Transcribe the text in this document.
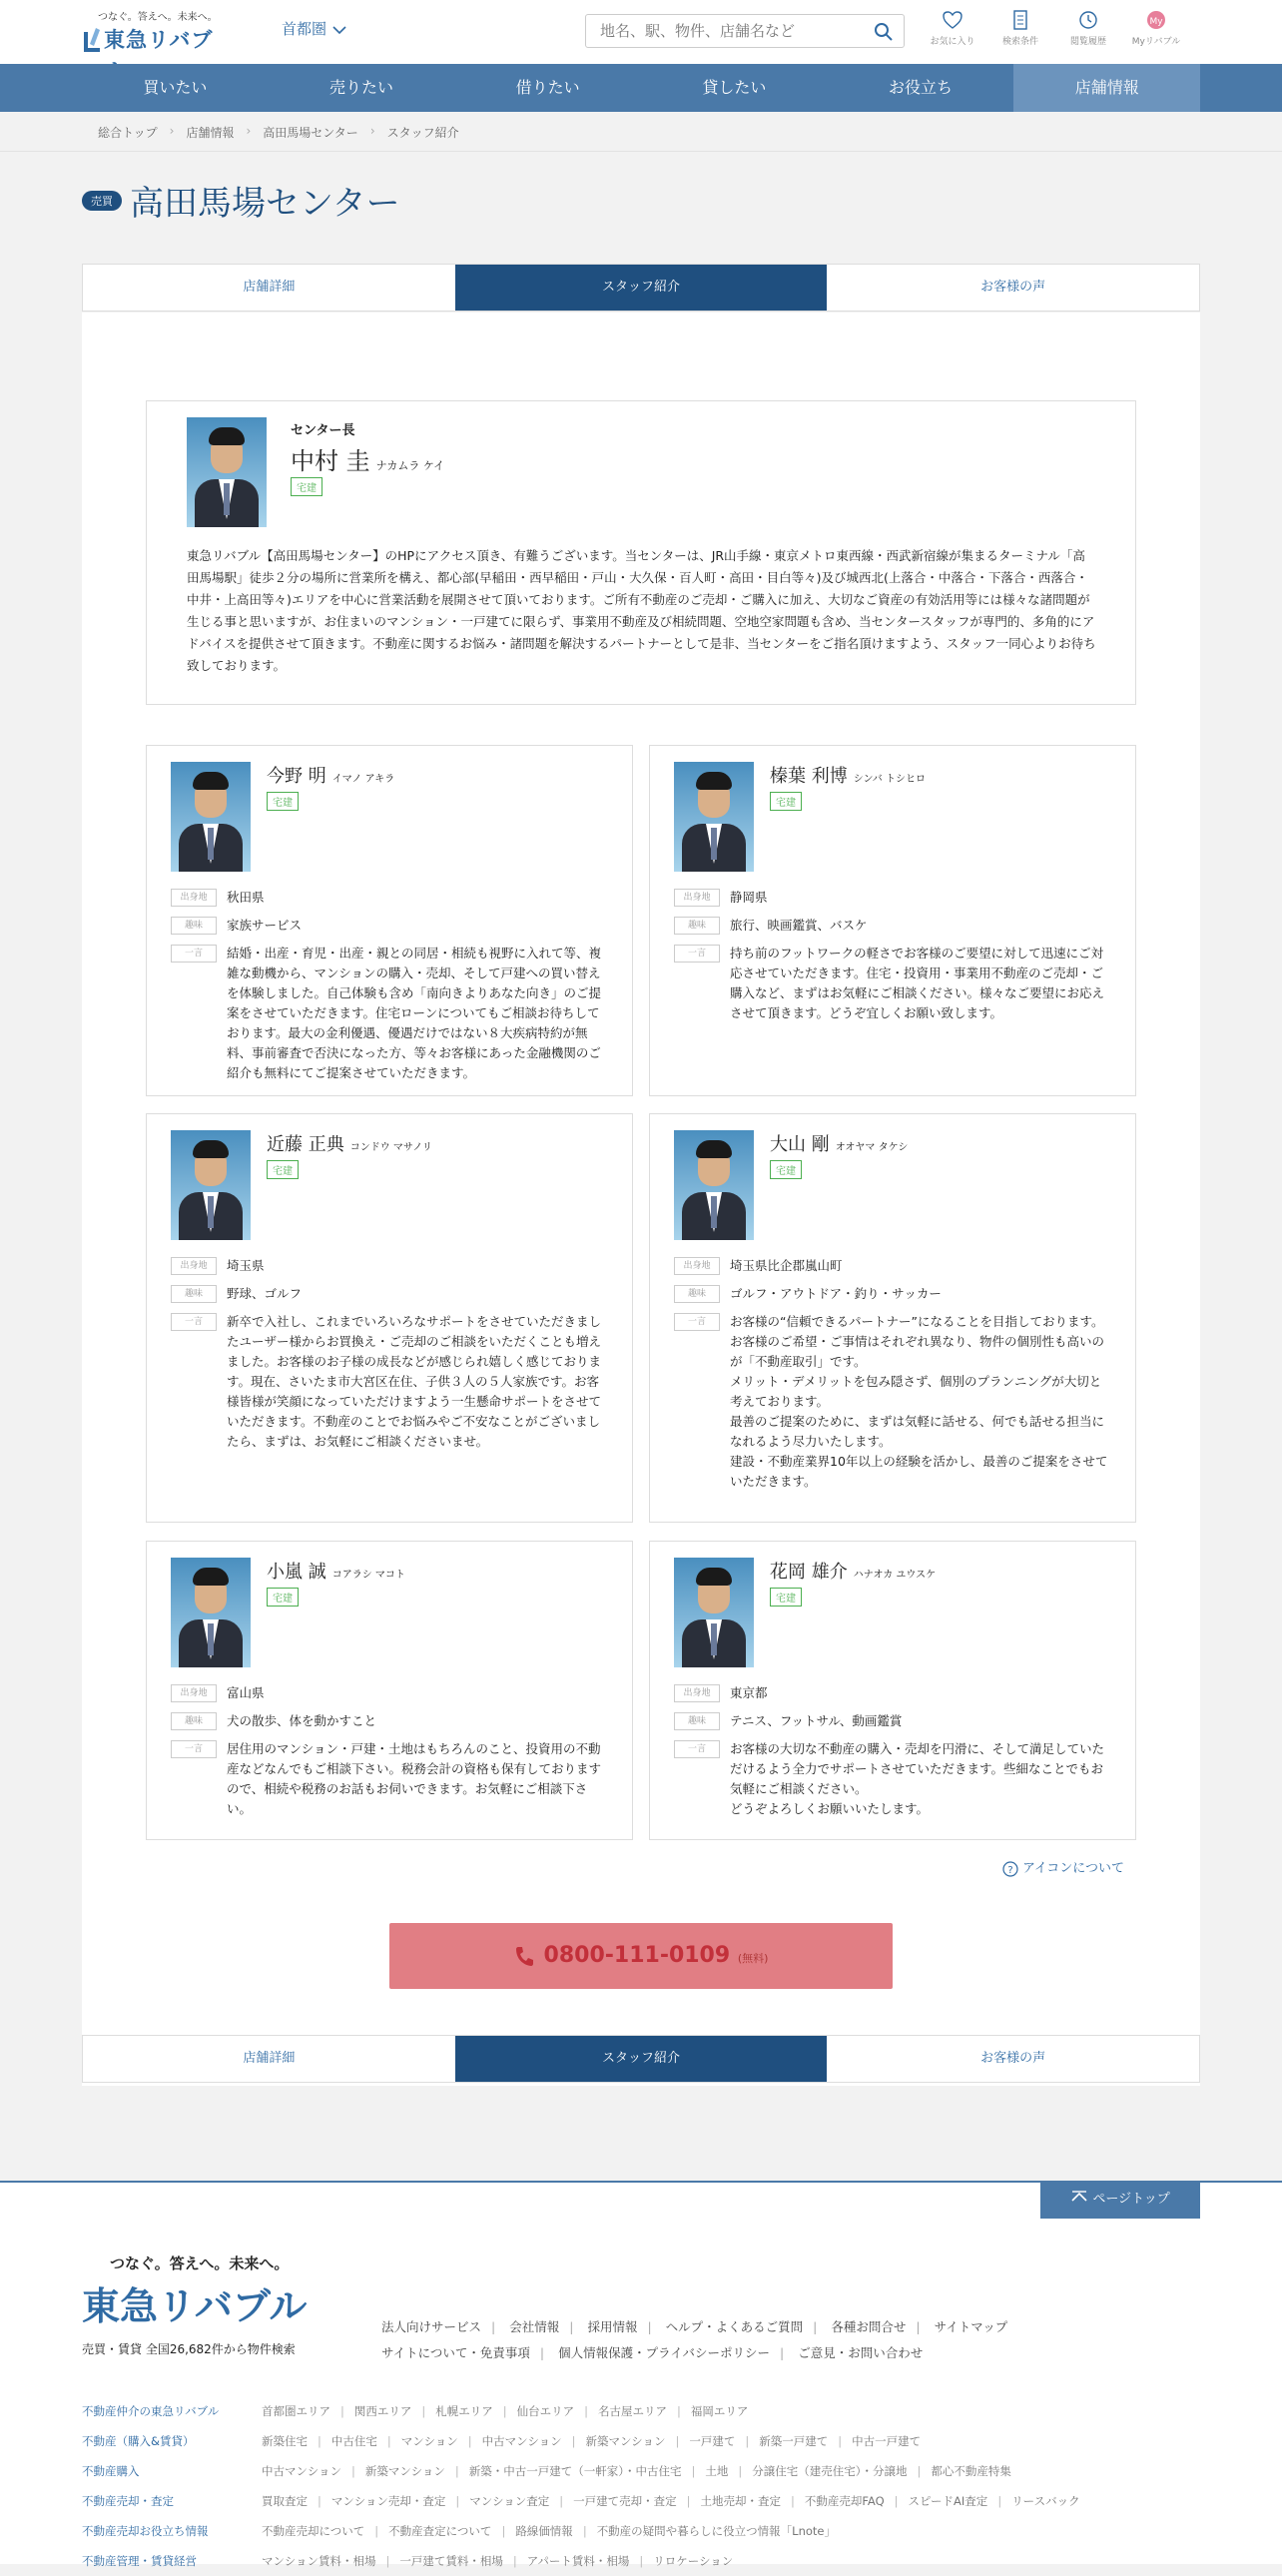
つなぐ。答えへ。未来へ。
東急リバブ	首都圏
地名、駅、物件、店舗名など
お気に入り	検索条件	閲覧履歴
My
Myリバブル
買いたい	売りたい	借りたい	貸したい	お役立ち	店舗情報
総合トップ › 店舗情報 › 高田馬場センター › スタッフ紹介
売買 高田馬場センター
店舗詳細	スタッフ紹介	お客様の声
センター長
中村 圭 ナカムラ ケイ
宅建
東急リバブル【高田馬場センター】のHPにアクセス頂き、有難うございます。当センターは、JR山手線・東京メトロ東西線・西武新宿線が集まるターミナル「高田馬場駅」徒歩２分の場所に営業所を構え、都心部(早稲田・西早稲田・戸山・大久保・百人町・高田・目白等々)及び城西北(上落合・中落合・下落合・西落合・中井・上高田等々)エリアを中心に営業活動を展開させて頂いております。ご所有不動産のご売却・ご購入に加え、大切なご資産の有効活用等には様々な諸問題が生じる事と思いますが、お住まいのマンション・一戸建てに限らず、事業用不動産及び相続問題、空地空家問題も含め、当センタースタッフが専門的、多角的にアドバイスを提供させて頂きます。不動産に関するお悩み・諸問題を解決するパートナーとして是非、当センターをご指名頂けますよう、スタッフ一同心よりお待ち致しております。
今野 明 イマノ アキラ
宅建
出身地	秋田県
趣味	家族サービス
一言	結婚・出産・育児・出産・親との同居・相続も視野に入れて等、複雑な動機から、マンションの購入・売却、そして戸建への買い替えを体験しました。自己体験も含め「南向きよりあなた向き」のご提案をさせていただきます。住宅ローンについてもご相談お待ちしております。最大の金利優遇、優遇だけではない８大疾病特約が無料、事前審査で否決になった方、等々お客様にあった金融機関のご紹介も無料にてご提案させていただきます。
榛葉 利博 シンバ トシヒロ
宅建
出身地	静岡県
趣味	旅行、映画鑑賞、バスケ
一言	持ち前のフットワークの軽さでお客様のご要望に対して迅速にご対応させていただきます。住宅・投資用・事業用不動産のご売却・ご購入など、まずはお気軽にご相談ください。様々なご要望にお応えさせて頂きます。どうぞ宜しくお願い致します。
近藤 正典 コンドウ マサノリ
宅建
出身地	埼玉県
趣味	野球、ゴルフ
一言	新卒で入社し、これまでいろいろなサポートをさせていただきましたユーザー様からお買換え・ご売却のご相談をいただくことも増えました。お客様のお子様の成長などが感じられ嬉しく感じております。現在、さいたま市大宮区在住、子供３人の５人家族です。お客様皆様が笑顔になっていただけますよう一生懸命サポートをさせていただきます。不動産のことでお悩みやご不安なことがございましたら、まずは、お気軽にご相談くださいませ。
大山 剛 オオヤマ タケシ
宅建
出身地	埼玉県比企郡嵐山町
趣味	ゴルフ・アウトドア・釣り・サッカー
一言	お客様の“信頼できるパートナー”になることを目指しております。
お客様のご希望・ご事情はそれぞれ異なり、物件の個別性も高いのが「不動産取引」です。
メリット・デメリットを包み隠さず、個別のプランニングが大切と考えております。
最善のご提案のために、まずは気軽に話せる、何でも話せる担当になれるよう尽力いたします。
建設・不動産業界10年以上の経験を活かし、最善のご提案をさせていただきます。
小嵐 誠 コアラシ マコト
宅建
出身地	富山県
趣味	犬の散歩、体を動かすこと
一言	居住用のマンション・戸建・土地はもちろんのこと、投資用の不動産などなんでもご相談下さい。税務会計の資格も保有しておりますので、相続や税務のお話もお伺いできます。お気軽にご相談下さい。
花岡 雄介 ハナオカ ユウスケ
宅建
出身地	東京都
趣味	テニス、フットサル、動画鑑賞
一言	お客様の大切な不動産の購入・売却を円滑に、そして満足していただけるよう全力でサポートさせていただきます。些細なことでもお気軽にご相談ください。
どうぞよろしくお願いいたします。
? アイコンについて
0800-111-0109 (無料)
店舗詳細	スタッフ紹介	お客様の声
ページトップ
つなぐ。答えへ。未来へ。
東急リバブル
売買・賃貸 全国26,682件から物件検索
法人向けサービス | 会社情報 | 採用情報 | ヘルプ・よくあるご質問 | 各種お問合せ | サイトマップ
サイトについて・免責事項 | 個人情報保護・プライバシーポリシー | ご意見・お問い合わせ
不動産仲介の東急リバブル	首都圏エリア | 関西エリア | 札幌エリア | 仙台エリア | 名古屋エリア | 福岡エリア
不動産（購入&賃貸）	新築住宅 | 中古住宅 | マンション | 中古マンション | 新築マンション | 一戸建て | 新築一戸建て | 中古一戸建て
不動産購入	中古マンション | 新築マンション | 新築・中古一戸建て（一軒家）・中古住宅 | 土地 | 分譲住宅（建売住宅）・分譲地 | 都心不動産特集
不動産売却・査定	買取査定 | マンション売却・査定 | マンション査定 | 一戸建て売却・査定 | 土地売却・査定 | 不動産売却FAQ | スピードAI査定 | リースバック
不動産売却お役立ち情報	不動産売却について | 不動産査定について | 路線価情報 | 不動産の疑問や暮らしに役立つ情報「Lnote」
不動産管理・賃貸経営	マンション賃料・相場 | 一戸建て賃料・相場 | アパート賃料・相場 | リロケーション
